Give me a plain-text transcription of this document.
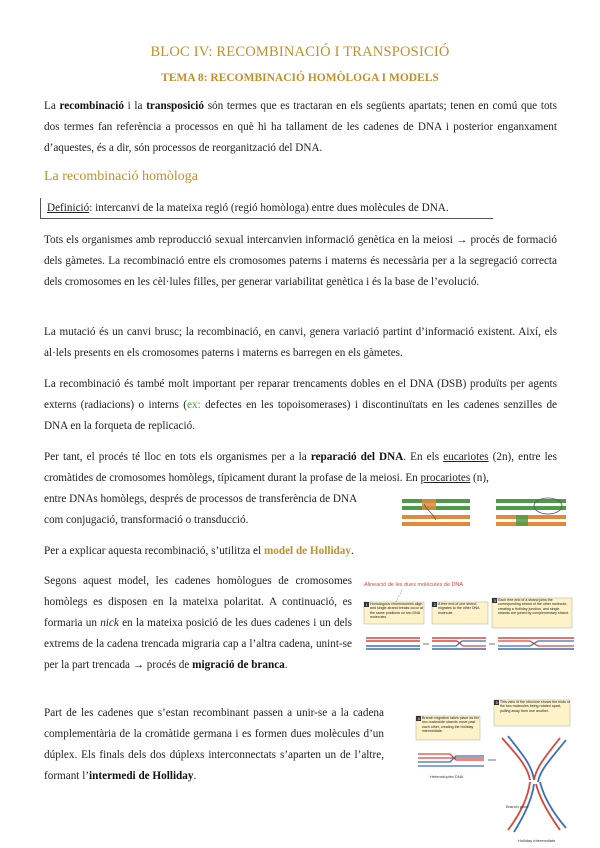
BLOC IV: RECOMBINACIÓ I TRANSPOSICIÓ
TEMA 8: RECOMBINACIÓ HOMÒLOGA I MODELS
La recombinació i la transposició són termes que es tractaran en els següents apartats; tenen en comú que tots dos termes fan referència a processos en què hi ha tallament de les cadenes de DNA i posterior enganxament d’aquestes, és a dir, són processos de reorganització del DNA.
La recombinació homòloga
Definició: intercanvi de la mateixa regió (regió homòloga) entre dues molècules de DNA.
Tots els organismes amb reproducció sexual intercanvien informació genètica en la meiosi → procés de formació dels gàmetes. La recombinació entre els cromosomes paterns i materns és necessària per a la segregació correcta dels cromosomes en les cèl·lules filles, per generar variabilitat genètica i és la base de l’evolució.
La mutació és un canvi brusc; la recombinació, en canvi, genera variació partint d’informació existent. Així, els al·lels presents en els cromosomes paterns i materns es barregen en els gàmetes.
La recombinació és també molt important per reparar trencaments dobles en el DNA (DSB) produïts per agents externs (radiacions) o interns (ex: defectes en les topoisomerases) i discontinuïtats en les cadenes senzilles de DNA en la forqueta de replicació.
Per tant, el procés té lloc en tots els organismes per a la reparació del DNA. En els eucariotes (2n), entre les cromàtides de cromosomes homòlegs, típicament durant la profase de la meiosi. En procariotes (n),
entre DNAs homòlegs, després de processos de transferència de DNA
com conjugació, transformació o transducció.
Per a explicar aquesta recombinació, s’utilitza el model de Holliday.
Segons aquest model, les cadenes homòlogues de cromosomes homòlegs es disposen en la mateixa polaritat. A continuació, es formaria un nick en la mateixa posició de les dues cadenes i un dels extrems de la cadena trencada migraria cap a l’altra cadena, unint-se per la part trencada → procés de migració de branca.
Alineació de les dues molècules de DNA
1 Homologous chromosomes align and single-strand breaks occur at the same positions on two DNA molecules.
2 A free end of one strand migrates to the other DNA molecule.
3 Each free end of a strand joins the corresponding strand of the other molecule, creating a Holliday junction, and single strands are joined by complementary strand.
Part de les cadenes que s’estan recombinant passen a unir-se a la cadena complementària de la cromàtide germana i es formen dues molècules d’un dúplex. Els finals dels dos dúplexs interconnectats s’aparten un de l’altre, formant l’intermedi de Holliday.
4 Branch migration takes place as the two nucleotide strands move past each other, creating the Holliday intermediate.
5 This view of the structure shows the ends of the two molecules being rotated apart, pulling away from one another.
Heteroduplex DNA
Branch point
Holliday intermediate
